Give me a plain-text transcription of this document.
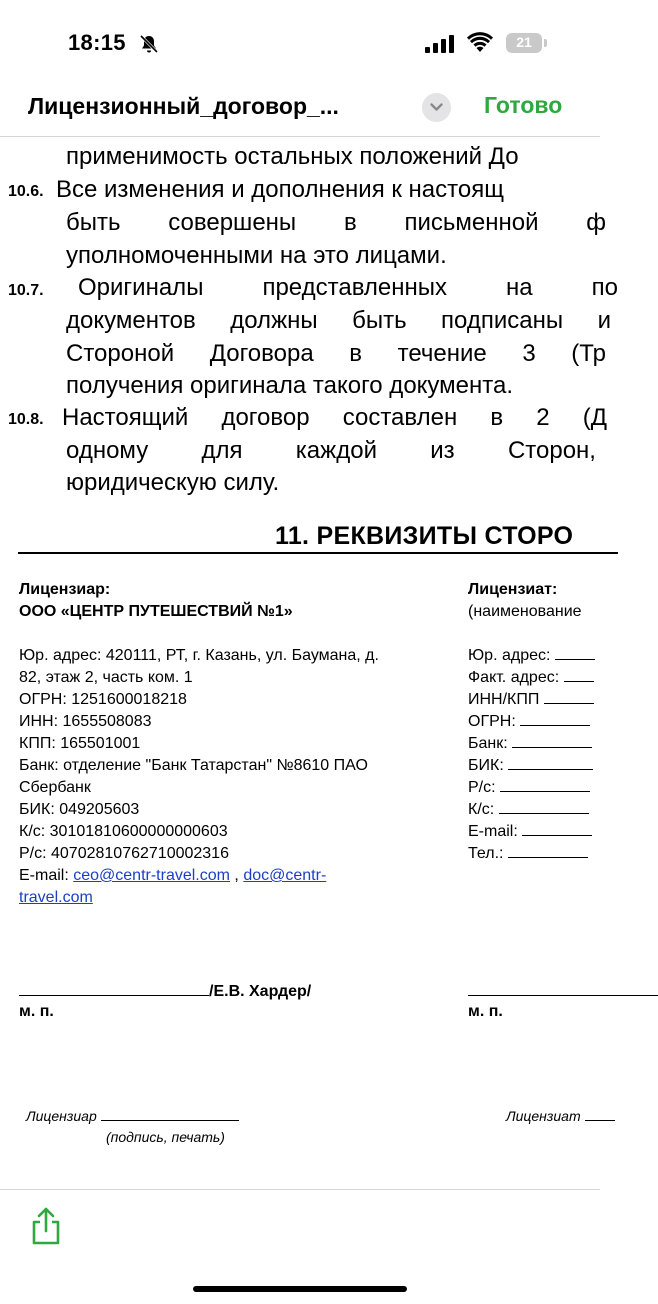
18:15	21
Лицензионный_договор_...	Готово
применимость остальных положений До
10.6. Все изменения и дополнения к настоящ
быть совершены в письменной ф
уполномоченными на это лицами.
10.7. Оригиналы представленных на по
документов должны быть подписаны и
Стороной Договора в течение 3 (Тр
получения оригинала такого документа.
10.8. Настоящий договор составлен в 2 (Д
одному для каждой из Сторон,
юридическую силу.
11. РЕКВИЗИТЫ СТОРО
Лицензиар:
ООО «ЦЕНТР ПУТЕШЕСТВИЙ №1»
Юр. адрес: 420111, РТ, г. Казань, ул. Баумана, д.
82, этаж 2, часть ком. 1
ОГРН: 1251600018218
ИНН: 1655508083
КПП: 165501001
Банк: отделение "Банк Татарстан" №8610 ПАО
Сбербанк
БИК: 049205603
К/с: 30101810600000000603
Р/с: 40702810762710002316
E-mail: ceo@centr-travel.com , doc@centr-
travel.com
Лицензиат:
(наименование
Юр. адрес:
Факт. адрес:
ИНН/КПП
ОГРН:
Банк:
БИК:
Р/с:
К/с:
E-mail:
Тел.:
/Е.В. Хардер/
м. п.	м. п.
Лицензиар
(подпись, печать)
Лицензиат
